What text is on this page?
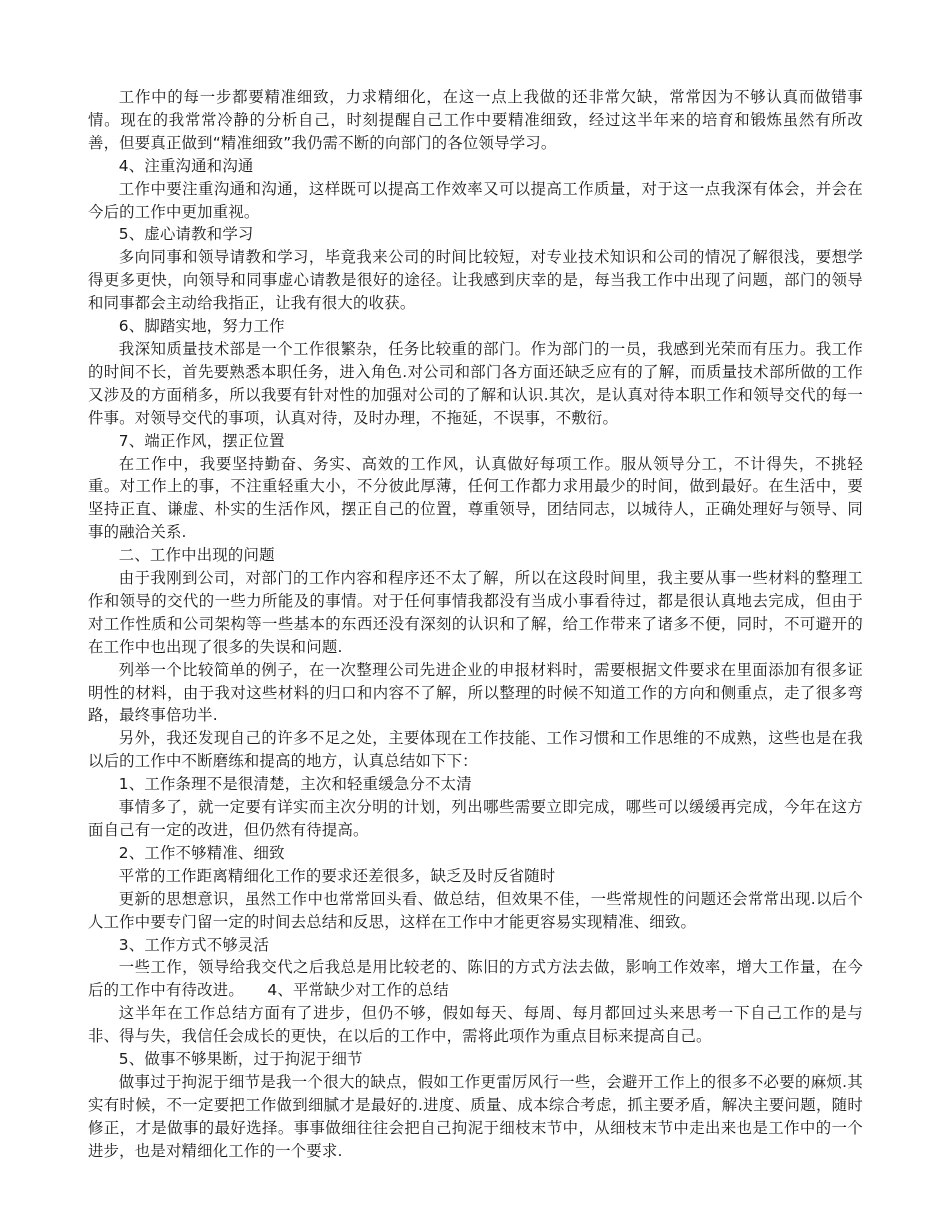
工作中的每一步都要精准细致，力求精细化，在这一点上我做的还非常欠缺，常常因为不够认真而做错事情。现在的我常常冷静的分析自己，时刻提醒自己工作中要精准细致，经过这半年来的培育和锻炼虽然有所改善，但要真正做到“精准细致”我仍需不断的向部门的各位领导学习。

4、注重沟通和沟通

工作中要注重沟通和沟通，这样既可以提高工作效率又可以提高工作质量，对于这一点我深有体会，并会在今后的工作中更加重视。

5、虚心请教和学习

多向同事和领导请教和学习，毕竟我来公司的时间比较短，对专业技术知识和公司的情况了解很浅，要想学得更多更快，向领导和同事虚心请教是很好的途径。让我感到庆幸的是，每当我工作中出现了问题，部门的领导和同事都会主动给我指正，让我有很大的收获。

6、脚踏实地，努力工作

我深知质量技术部是一个工作很繁杂，任务比较重的部门。作为部门的一员，我感到光荣而有压力。我工作的时间不长，首先要熟悉本职任务，进入角色.对公司和部门各方面还缺乏应有的了解，而质量技术部所做的工作又涉及的方面稍多，所以我要有针对性的加强对公司的了解和认识.其次，是认真对待本职工作和领导交代的每一件事。对领导交代的事项，认真对待，及时办理，不拖延，不误事，不敷衍。

7、端正作风，摆正位置

在工作中，我要坚持勤奋、务实、高效的工作风，认真做好每项工作。服从领导分工，不计得失，不挑轻重。对工作上的事，不注重轻重大小，不分彼此厚薄，任何工作都力求用最少的时间，做到最好。在生活中，要坚持正直、谦虚、朴实的生活作风，摆正自己的位置，尊重领导，团结同志，以城待人，正确处理好与领导、同事的融洽关系.

二、工作中出现的问题

由于我刚到公司，对部门的工作内容和程序还不太了解，所以在这段时间里，我主要从事一些材料的整理工作和领导的交代的一些力所能及的事情。对于任何事情我都没有当成小事看待过，都是很认真地去完成，但由于对工作性质和公司架构等一些基本的东西还没有深刻的认识和了解，给工作带来了诸多不便，同时，不可避开的在工作中也出现了很多的失误和问题.

列举一个比较简单的例子，在一次整理公司先进企业的申报材料时，需要根据文件要求在里面添加有很多证明性的材料，由于我对这些材料的归口和内容不了解，所以整理的时候不知道工作的方向和侧重点，走了很多弯路，最终事倍功半.

另外，我还发现自己的许多不足之处，主要体现在工作技能、工作习惯和工作思维的不成熟，这些也是在我以后的工作中不断磨练和提高的地方，认真总结如下下：

1、工作条理不是很清楚，主次和轻重缓急分不太清

事情多了，就一定要有详实而主次分明的计划，列出哪些需要立即完成，哪些可以缓缓再完成，今年在这方面自己有一定的改进，但仍然有待提高。

2、工作不够精准、细致

平常的工作距离精细化工作的要求还差很多，缺乏及时反省随时

更新的思想意识，虽然工作中也常常回头看、做总结，但效果不佳，一些常规性的问题还会常常出现.以后个人工作中要专门留一定的时间去总结和反思，这样在工作中才能更容易实现精准、细致。

3、工作方式不够灵活

一些工作，领导给我交代之后我总是用比较老的、陈旧的方式方法去做，影响工作效率，增大工作量，在今后的工作中有待改进。　　4、平常缺少对工作的总结

这半年在工作总结方面有了进步，但仍不够，假如每天、每周、每月都回过头来思考一下自己工作的是与非、得与失，我信任会成长的更快，在以后的工作中，需将此项作为重点目标来提高自己。

5、做事不够果断，过于拘泥于细节

做事过于拘泥于细节是我一个很大的缺点，假如工作更雷厉风行一些，会避开工作上的很多不必要的麻烦.其实有时候，不一定要把工作做到细腻才是最好的.进度、质量、成本综合考虑，抓主要矛盾，解决主要问题，随时修正，才是做事的最好选择。事事做细往往会把自己拘泥于细枝末节中，从细枝末节中走出来也是工作中的一个进步，也是对精细化工作的一个要求.
